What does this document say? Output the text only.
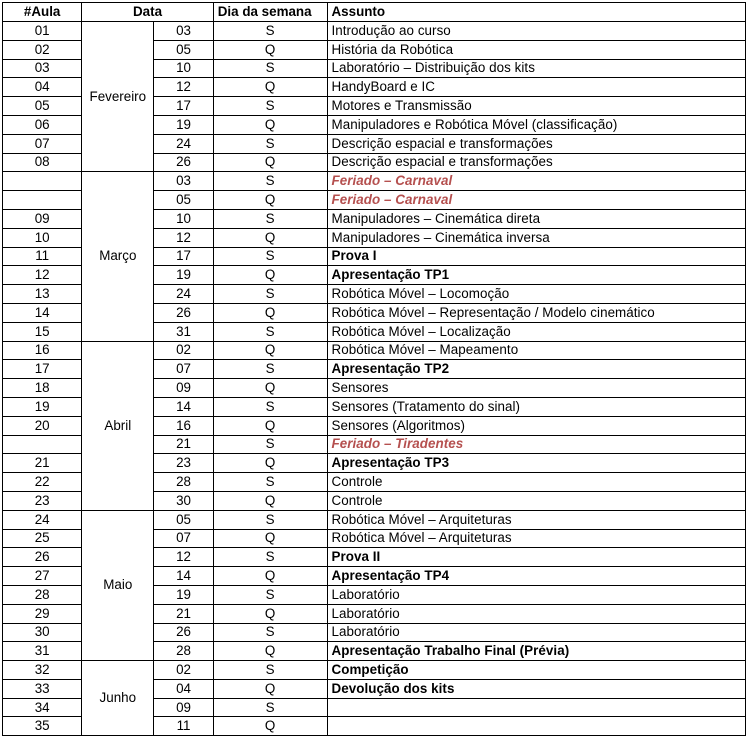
#Aula	Data		Dia da semana	Assunto
01	Fevereiro	03	S	Introdução ao curso
02		05	Q	História da Robótica
03		10	S	Laboratório – Distribuição dos kits
04		12	Q	HandyBoard e IC
05		17	S	Motores e Transmissão
06		19	Q	Manipuladores e Robótica Móvel (classificação)
07		24	S	Descrição espacial e transformações
08		26	Q	Descrição espacial e transformações
	Março	03	S	Feriado – Carnaval
		05	Q	Feriado – Carnaval
09		10	S	Manipuladores – Cinemática direta
10		12	Q	Manipuladores – Cinemática inversa
11		17	S	Prova I
12		19	Q	Apresentação TP1
13		24	S	Robótica Móvel – Locomoção
14		26	Q	Robótica Móvel – Representação / Modelo cinemático
15		31	S	Robótica Móvel – Localização
16	Abril	02	Q	Robótica Móvel – Mapeamento
17		07	S	Apresentação TP2
18		09	Q	Sensores
19		14	S	Sensores (Tratamento do sinal)
20		16	Q	Sensores (Algoritmos)
		21	S	Feriado – Tiradentes
21		23	Q	Apresentação TP3
22		28	S	Controle
23		30	Q	Controle
24	Maio	05	S	Robótica Móvel – Arquiteturas
25		07	Q	Robótica Móvel – Arquiteturas
26		12	S	Prova II
27		14	Q	Apresentação TP4
28		19	S	Laboratório
29		21	Q	Laboratório
30		26	S	Laboratório
31		28	Q	Apresentação Trabalho Final (Prévia)
32	Junho	02	S	Competição
33		04	Q	Devolução dos kits
34		09	S	
35		11	Q	
